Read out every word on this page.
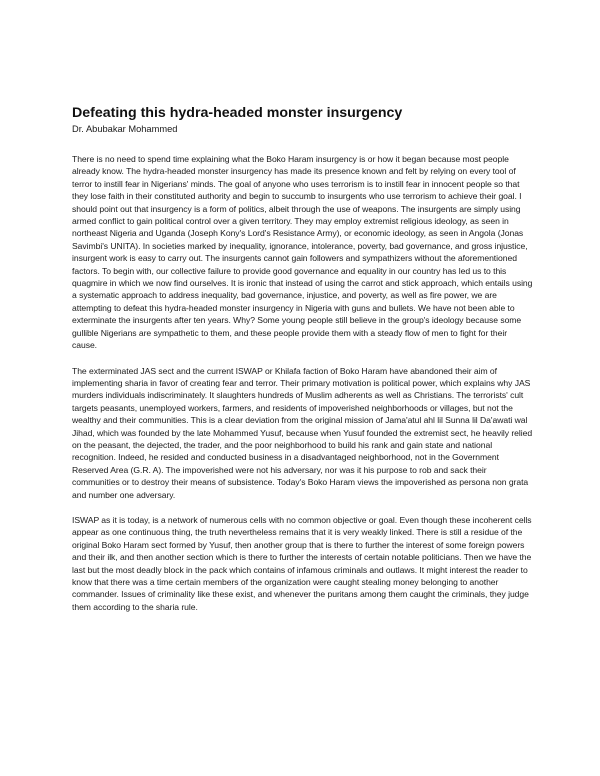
Defeating this hydra-headed monster insurgency
Dr. Abubakar Mohammed

There is no need to spend time explaining what the Boko Haram insurgency is or how it began because most people already know. The hydra-headed monster insurgency has made its presence known and felt by relying on every tool of terror to instill fear in Nigerians' minds. The goal of anyone who uses terrorism is to instill fear in innocent people so that they lose faith in their constituted authority and begin to succumb to insurgents who use terrorism to achieve their goal. I should point out that insurgency is a form of politics, albeit through the use of weapons. The insurgents are simply using armed conflict to gain political control over a given territory. They may employ extremist religious ideology, as seen in northeast Nigeria and Uganda (Joseph Kony's Lord's Resistance Army), or economic ideology, as seen in Angola (Jonas Savimbi's UNITA). In societies marked by inequality, ignorance, intolerance, poverty, bad governance, and gross injustice, insurgent work is easy to carry out. The insurgents cannot gain followers and sympathizers without the aforementioned factors. To begin with, our collective failure to provide good governance and equality in our country has led us to this quagmire in which we now find ourselves. It is ironic that instead of using the carrot and stick approach, which entails using a systematic approach to address inequality, bad governance, injustice, and poverty, as well as fire power, we are attempting to defeat this hydra-headed monster insurgency in Nigeria with guns and bullets. We have not been able to exterminate the insurgents after ten years. Why? Some young people still believe in the group's ideology because some gullible Nigerians are sympathetic to them, and these people provide them with a steady flow of men to fight for their cause.

The exterminated JAS sect and the current ISWAP or Khilafa faction of Boko Haram have abandoned their aim of implementing sharia in favor of creating fear and terror. Their primary motivation is political power, which explains why JAS murders individuals indiscriminately. It slaughters hundreds of Muslim adherents as well as Christians. The terrorists' cult targets peasants, unemployed workers, farmers, and residents of impoverished neighborhoods or villages, but not the wealthy and their communities. This is a clear deviation from the original mission of Jama'atul ahl lil Sunna lil Da'awati wal Jihad, which was founded by the late Mohammed Yusuf, because when Yusuf founded the extremist sect, he heavily relied on the peasant, the dejected, the trader, and the poor neighborhood to build his rank and gain state and national recognition. Indeed, he resided and conducted business in a disadvantaged neighborhood, not in the Government Reserved Area (G.R. A). The impoverished were not his adversary, nor was it his purpose to rob and sack their communities or to destroy their means of subsistence. Today's Boko Haram views the impoverished as persona non grata and number one adversary.

ISWAP as it is today, is a network of numerous cells with no common objective or goal. Even though these incoherent cells appear as one continuous thing, the truth nevertheless remains that it is very weakly linked. There is still a residue of the original Boko Haram sect formed by Yusuf, then another group that is there to further the interest of some foreign powers and their ilk, and then another section which is there to further the interests of certain notable politicians. Then we have the last but the most deadly block in the pack which contains of infamous criminals and outlaws. It might interest the reader to know that there was a time certain members of the organization were caught stealing money belonging to another commander. Issues of criminality like these exist, and whenever the puritans among them caught the criminals, they judge them according to the sharia rule.
